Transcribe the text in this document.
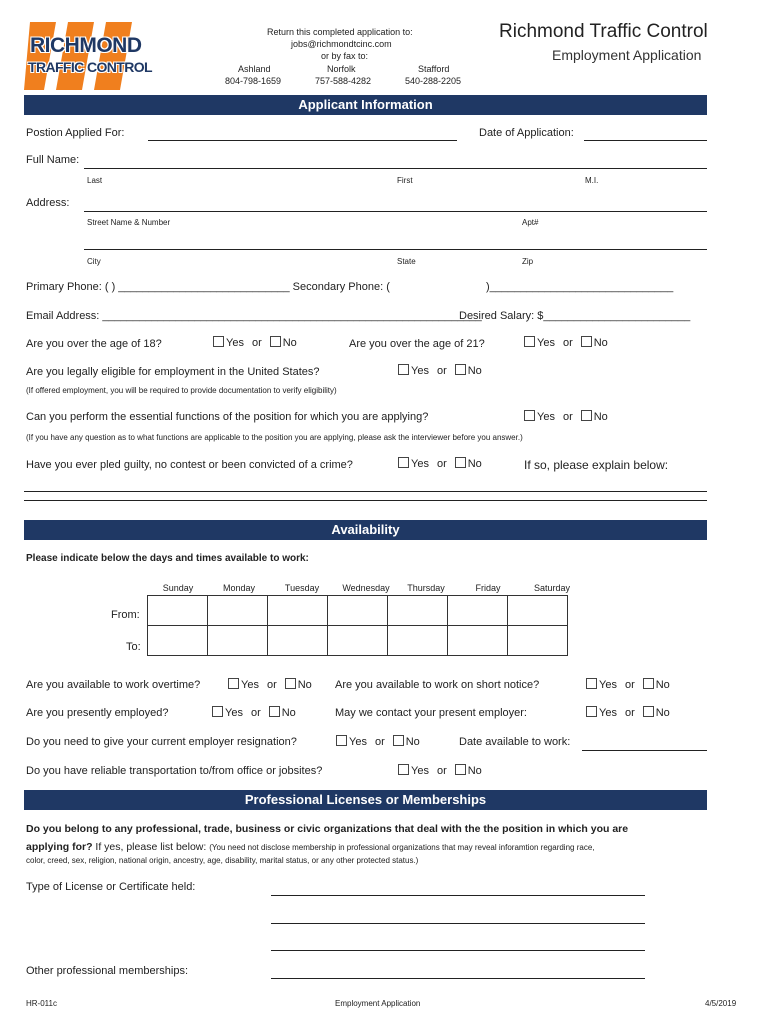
RICHMOND
TRAFFIC CONTROL
Return this completed application to:
jobs@richmondtcinc.com
or by fax to:
Ashland
804-798-1659
Norfolk
757-588-4282
Stafford
540-288-2205
Richmond Traffic Control
Employment Application
Applicant Information
Postion Applied For:	Date of Application:
Full Name:
Last	First	M.I.
Address:
Street Name & Number	Apt#
City	State	Zip
Primary Phone: ( ) ____________________________ Secondary Phone: (	)______________________________
Email Address: ______________________________________________________________
Desired Salary: $________________________
Are you over the age of 18?	Yes or No	Are you over the age of 21?	Yes or No
Are you legally eligible for employment in the United States?	Yes or No
(If offered employment, you will be required to provide documentation to verify eligibility)
Can you perform the essential functions of the position for which you are applying?	Yes or No
(If you have any question as to what functions are applicable to the position you are applying, please ask the interviewer before you answer.)
Have you ever pled guilty, no contest or been convicted of a crime?	Yes or No	If so, please explain below:
Availability
Please indicate below the days and times available to work:
Sunday	Monday	Tuesday	Wednesday	Thursday	Friday	Saturday
From:
To:

Are you available to work overtime?	Yes or No Are you available to work on short notice?	Yes or No
Are you presently employed?	Yes or No	May we contact your present employer:	Yes or No
Do you need to give your current employer resignation?	Yes or No	Date available to work:
Do you have reliable transportation to/from office or jobsites?	Yes or No
Professional Licenses or Memberships
Do you belong to any professional, trade, business or civic organizations that deal with the the position in which you are
applying for? If yes, please list below: (You need not disclose membership in professional organizations that may reveal inforamtion regarding race,
color, creed, sex, religion, national origin, ancestry, age, disability, marital status, or any other protected status.)
Type of License or Certificate held:
Other professional memberships:
HR-011c	Employment Application	4/5/2019
